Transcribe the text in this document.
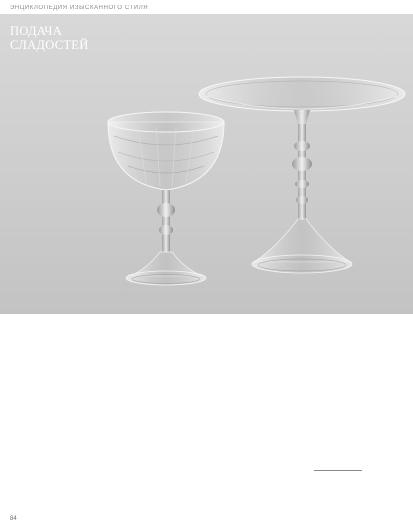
ЭНЦИКЛОПЕДИЯ ИЗЫСКАННОГО СТИЛЯ
ПОДАЧА
СЛАДОСТЕЙ
84
